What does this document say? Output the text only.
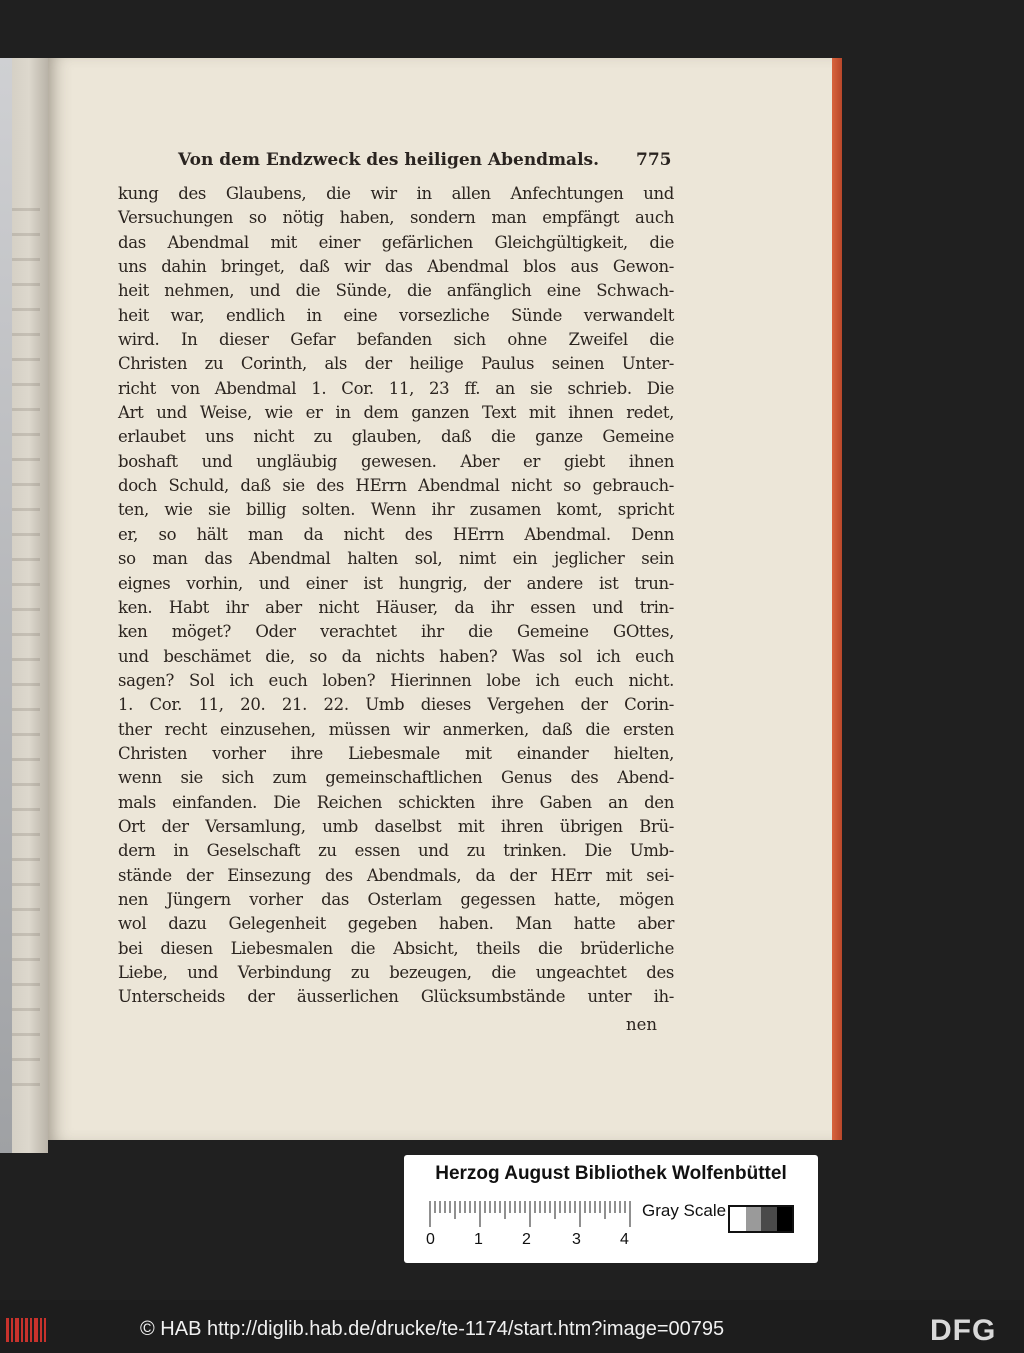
Von dem Endzweck des heiligen Abendmals.	775
kung des Glaubens, die wir in allen Anfechtungen und
Versuchungen so nötig haben, sondern man empfängt auch
das Abendmal mit einer gefärlichen Gleichgültigkeit, die
uns dahin bringet, daß wir das Abendmal blos aus Gewon-
heit nehmen, und die Sünde, die anfänglich eine Schwach-
heit war, endlich in eine vorsezliche Sünde verwandelt
wird. In dieser Gefar befanden sich ohne Zweifel die
Christen zu Corinth, als der heilige Paulus seinen Unter-
richt von Abendmal 1. Cor. 11, 23 ff. an sie schrieb. Die
Art und Weise, wie er in dem ganzen Text mit ihnen redet,
erlaubet uns nicht zu glauben, daß die ganze Gemeine
boshaft und ungläubig gewesen. Aber er giebt ihnen
doch Schuld, daß sie des HErrn Abendmal nicht so gebrauch-
ten, wie sie billig solten. Wenn ihr zusamen komt, spricht
er, so hält man da nicht des HErrn Abendmal. Denn
so man das Abendmal halten sol, nimt ein jeglicher sein
eignes vorhin, und einer ist hungrig, der andere ist trun-
ken. Habt ihr aber nicht Häuser, da ihr essen und trin-
ken möget? Oder verachtet ihr die Gemeine GOttes,
und beschämet die, so da nichts haben? Was sol ich euch
sagen? Sol ich euch loben? Hierinnen lobe ich euch nicht.
1. Cor. 11, 20. 21. 22. Umb dieses Vergehen der Corin-
ther recht einzusehen, müssen wir anmerken, daß die ersten
Christen vorher ihre Liebesmale mit einander hielten,
wenn sie sich zum gemeinschaftlichen Genus des Abend-
mals einfanden. Die Reichen schickten ihre Gaben an den
Ort der Versamlung, umb daselbst mit ihren übrigen Brü-
dern in Geselschaft zu essen und zu trinken. Die Umb-
stände der Einsezung des Abendmals, da der HErr mit sei-
nen Jüngern vorher das Osterlam gegessen hatte, mögen
wol dazu Gelegenheit gegeben haben. Man hatte aber
bei diesen Liebesmalen die Absicht, theils die brüderliche
Liebe, und Verbindung zu bezeugen, die ungeachtet des
Unterscheids der äusserlichen Glücksumbstände unter ih-
nen
Herzog August Bibliothek Wolfenbüttel
0 1 2	3 4
Gray Scale
© HAB http://diglib.hab.de/drucke/te-1174/start.htm?image=00795	DFG
